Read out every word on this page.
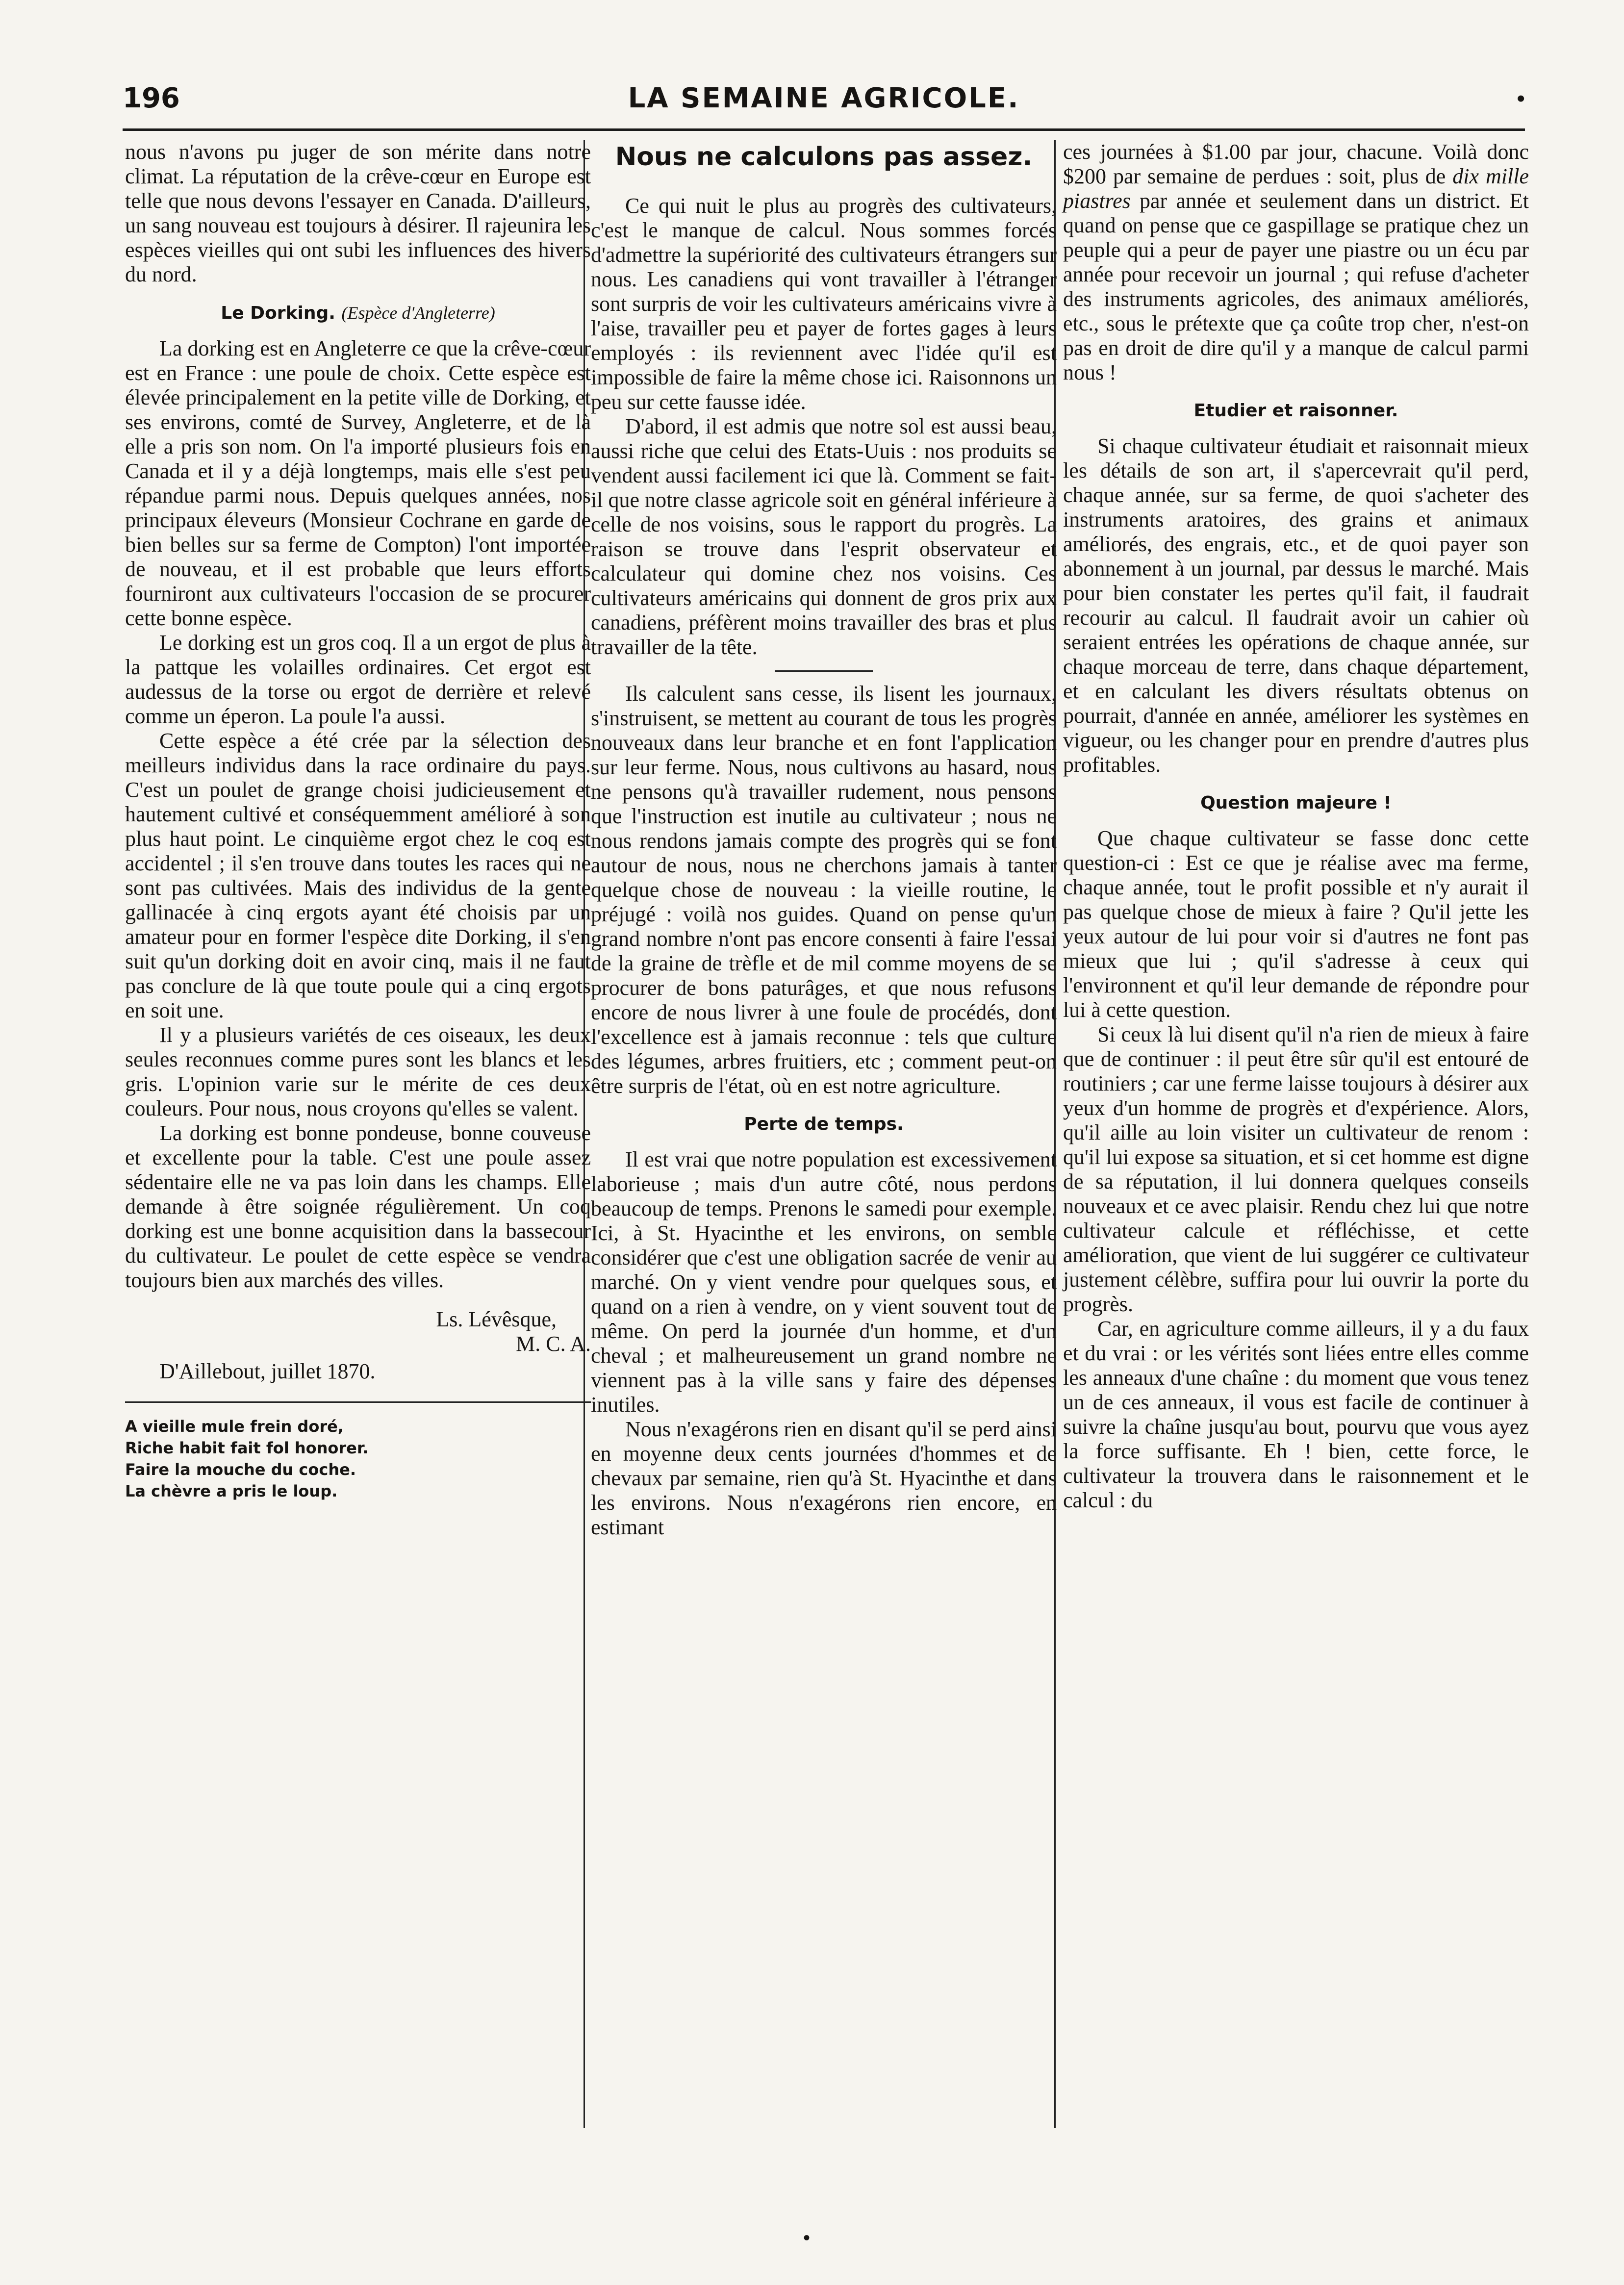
196	LA SEMAINE AGRICOLE.	•

nous n'avons pu juger de son mérite dans notre climat. La réputation de la crêve-cœur en Europe est telle que nous devons l'essayer en Canada. D'ailleurs, un sang nouveau est toujours à désirer. Il rajeunira les espèces vieilles qui ont subi les influences des hivers du nord.

Le Dorking. (Espèce d'Angleterre)

La dorking est en Angleterre ce que la crêve-cœur est en France : une poule de choix. Cette espèce est élevée principalement en la petite ville de Dorking, et ses environs, comté de Survey, Angleterre, et de là elle a pris son nom. On l'a importé plusieurs fois en Canada et il y a déjà longtemps, mais elle s'est peu répandue parmi nous. Depuis quelques années, nos principaux éleveurs (Monsieur Cochrane en garde de bien belles sur sa ferme de Compton) l'ont importée de nouveau, et il est probable que leurs efforts fourniront aux cultivateurs l'occasion de se procurer cette bonne espèce.

Le dorking est un gros coq. Il a un ergot de plus à la pattque les volailles ordinaires. Cet ergot est audessus de la torse ou ergot de derrière et relevé comme un éperon. La poule l'a aussi.

Cette espèce a été crée par la sélection des meilleurs individus dans la race ordinaire du pays. C'est un poulet de grange choisi judicieusement et hautement cultivé et conséquemment amélioré à son plus haut point. Le cinquième ergot chez le coq est accidentel ; il s'en trouve dans toutes les races qui ne sont pas cultivées. Mais des individus de la gente gallinacée à cinq ergots ayant été choisis par un amateur pour en former l'espèce dite Dorking, il s'en suit qu'un dorking doit en avoir cinq, mais il ne faut pas conclure de là que toute poule qui a cinq ergots en soit une.

Il y a plusieurs variétés de ces oiseaux, les deux seules reconnues comme pures sont les blancs et les gris. L'opinion varie sur le mérite de ces deux couleurs. Pour nous, nous croyons qu'elles se valent.

La dorking est bonne pondeuse, bonne couveuse et excellente pour la table. C'est une poule assez sédentaire elle ne va pas loin dans les champs. Elle demande à être soignée régulièrement. Un coq dorking est une bonne acquisition dans la bassecour du cultivateur. Le poulet de cette espèce se vendra toujours bien aux marchés des villes.

Ls. Lévêsque,
M. C. A.
D'Aillebout, juillet 1870.
A vieille mule frein doré,
Riche habit fait fol honorer.
Faire la mouche du coche.
La chèvre a pris le loup.
Nous ne calculons pas assez.

Ce qui nuit le plus au progrès des cultivateurs, c'est le manque de calcul. Nous sommes forcés d'admettre la supériorité des cultivateurs étrangers sur nous. Les canadiens qui vont travailler à l'étranger sont surpris de voir les cultivateurs américains vivre à l'aise, travailler peu et payer de fortes gages à leurs employés : ils reviennent avec l'idée qu'il est impossible de faire la même chose ici. Raisonnons un peu sur cette fausse idée.

D'abord, il est admis que notre sol est aussi beau, aussi riche que celui des Etats-Uuis : nos produits se vendent aussi facilement ici que là. Comment se fait-il que notre classe agricole soit en général inférieure à celle de nos voisins, sous le rapport du progrès. La raison se trouve dans l'esprit observateur et calculateur qui domine chez nos voisins. Ces cultivateurs américains qui donnent de gros prix aux canadiens, préfèrent moins travailler des bras et plus travailler de la tête.

Ils calculent sans cesse, ils lisent les journaux, s'instruisent, se mettent au courant de tous les progrès nouveaux dans leur branche et en font l'application sur leur ferme. Nous, nous cultivons au hasard, nous ne pensons qu'à travailler rudement, nous pensons que l'instruction est inutile au cultivateur ; nous ne nous rendons jamais compte des progrès qui se font autour de nous, nous ne cherchons jamais à tanter quelque chose de nouveau : la vieille routine, le préjugé : voilà nos guides. Quand on pense qu'un grand nombre n'ont pas encore consenti à faire l'essai de la graine de trèfle et de mil comme moyens de se procurer de bons paturâges, et que nous refusons encore de nous livrer à une foule de procédés, dont l'excellence est à jamais reconnue : tels que culture des légumes, arbres fruitiers, etc ; comment peut-on être surpris de l'état, où en est notre agriculture.

Perte de temps.

Il est vrai que notre population est excessivement laborieuse ; mais d'un autre côté, nous perdons beaucoup de temps. Prenons le samedi pour exemple. Ici, à St. Hyacinthe et les environs, on semble considérer que c'est une obligation sacrée de venir au marché. On y vient vendre pour quelques sous, et quand on a rien à vendre, on y vient souvent tout de même. On perd la journée d'un homme, et d'un cheval ; et malheureusement un grand nombre ne viennent pas à la ville sans y faire des dépenses inutiles.

Nous n'exagérons rien en disant qu'il se perd ainsi en moyenne deux cents journées d'hommes et de chevaux par semaine, rien qu'à St. Hyacinthe et dans les environs. Nous n'exagérons rien encore, en estimant

ces journées à $1.00 par jour, chacune. Voilà donc $200 par semaine de perdues : soit, plus de dix mille piastres par année et seulement dans un district. Et quand on pense que ce gaspillage se pratique chez un peuple qui a peur de payer une piastre ou un écu par année pour recevoir un journal ; qui refuse d'acheter des instruments agricoles, des animaux améliorés, etc., sous le prétexte que ça coûte trop cher, n'est-on pas en droit de dire qu'il y a manque de calcul parmi nous !

Etudier et raisonner.

Si chaque cultivateur étudiait et raisonnait mieux les détails de son art, il s'apercevrait qu'il perd, chaque année, sur sa ferme, de quoi s'acheter des instruments aratoires, des grains et animaux améliorés, des engrais, etc., et de quoi payer son abonnement à un journal, par dessus le marché. Mais pour bien constater les pertes qu'il fait, il faudrait recourir au calcul. Il faudrait avoir un cahier où seraient entrées les opérations de chaque année, sur chaque morceau de terre, dans chaque département, et en calculant les divers résultats obtenus on pourrait, d'année en année, améliorer les systèmes en vigueur, ou les changer pour en prendre d'autres plus profitables.

Question majeure !

Que chaque cultivateur se fasse donc cette question-ci : Est ce que je réalise avec ma ferme, chaque année, tout le profit possible et n'y aurait il pas quelque chose de mieux à faire ? Qu'il jette les yeux autour de lui pour voir si d'autres ne font pas mieux que lui ; qu'il s'adresse à ceux qui l'environnent et qu'il leur demande de répondre pour lui à cette question.

Si ceux là lui disent qu'il n'a rien de mieux à faire que de continuer : il peut être sûr qu'il est entouré de routiniers ; car une ferme laisse toujours à désirer aux yeux d'un homme de progrès et d'expérience. Alors, qu'il aille au loin visiter un cultivateur de renom : qu'il lui expose sa situation, et si cet homme est digne de sa réputation, il lui donnera quelques conseils nouveaux et ce avec plaisir. Rendu chez lui que notre cultivateur calcule et réfléchisse, et cette amélioration, que vient de lui suggérer ce cultivateur justement célèbre, suffira pour lui ouvrir la porte du progrès.

Car, en agriculture comme ailleurs, il y a du faux et du vrai : or les vérités sont liées entre elles comme les anneaux d'une chaîne : du moment que vous tenez un de ces anneaux, il vous est facile de continuer à suivre la chaîne jusqu'au bout, pourvu que vous ayez la force suffisante. Eh ! bien, cette force, le cultivateur la trouvera dans le raisonnement et le calcul : du

•
